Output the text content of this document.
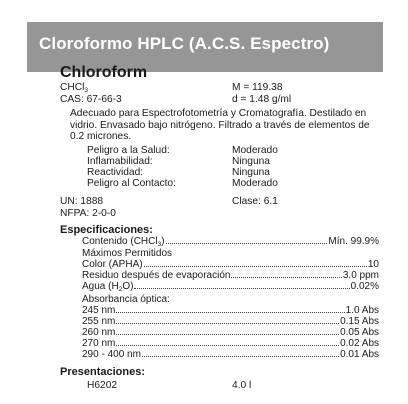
Cloroformo HPLC (A.C.S. Espectro)
Chloroform
CHCl$_3$	M = 119.38
CAS: 67-66-3	d = 1.48 g/ml
Adecuado para Espectrofotometría y Cromatografía. Destilado en vidrio. Envasado bajo nitrógeno. Filtrado a través de elementos de 0.2 micrones.
Peligro a la Salud:	Moderado
Inflamabilidad:	Ninguna
Reactividad:	Ninguna
Peligro al Contacto:	Moderado
UN: 1888	Clase: 6.1
NFPA: 2-0-0
Especificaciones:
Contenido (CHCl$_3$)	Mín. 99.9%
Máximos Permitidos
Color (APHA)	10
Residuo después de evaporación	3.0 ppm
Agua $(H_2O)$	0.02%
Absorbancia óptica:
245 nm	1.0 Abs
255 nm	0.15 Abs
260 nm	0.05 Abs
270 nm	0.02 Abs
290 - 400 nm	0.01 Abs
Presentaciones:
H6202	4.0 l
